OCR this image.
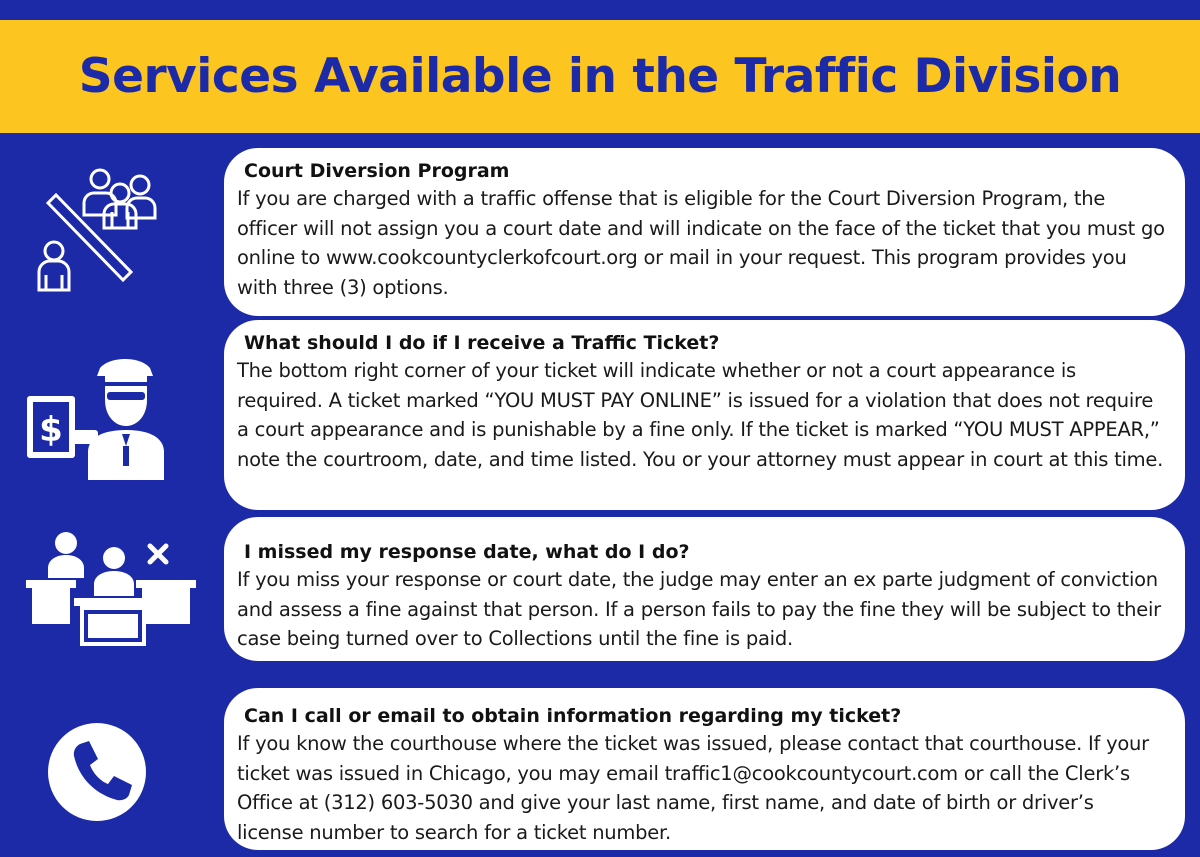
Services Available in the Traffic Division
$
Court Diversion Program

If you are charged with a traffic offense that is eligible for the Court Diversion Program, the officer will not assign you a court date and will indicate on the face of the ticket that you must go online to www.cookcountyclerkofcourt.org or mail in your request. This program provides you with three (3) options.

What should I do if I receive a Traffic Ticket?

The bottom right corner of your ticket will indicate whether or not a court appearance is required. A ticket marked “YOU MUST PAY ONLINE” is issued for a violation that does not require a court appearance and is punishable by a fine only. If the ticket is marked “YOU MUST APPEAR,” note the courtroom, date, and time listed. You or your attorney must appear in court at this time.

I missed my response date, what do I do?

If you miss your response or court date, the judge may enter an ex parte judgment of conviction and assess a fine against that person. If a person fails to pay the fine they will be subject to their case being turned over to Collections until the fine is paid.

Can I call or email to obtain information regarding my ticket?

If you know the courthouse where the ticket was issued, please contact that courthouse. If your ticket was issued in Chicago, you may email traffic1@cookcountycourt.com or call the Clerk’s Office at (312) 603-5030 and give your last name, first name, and date of birth or driver’s license number to search for a ticket number.
